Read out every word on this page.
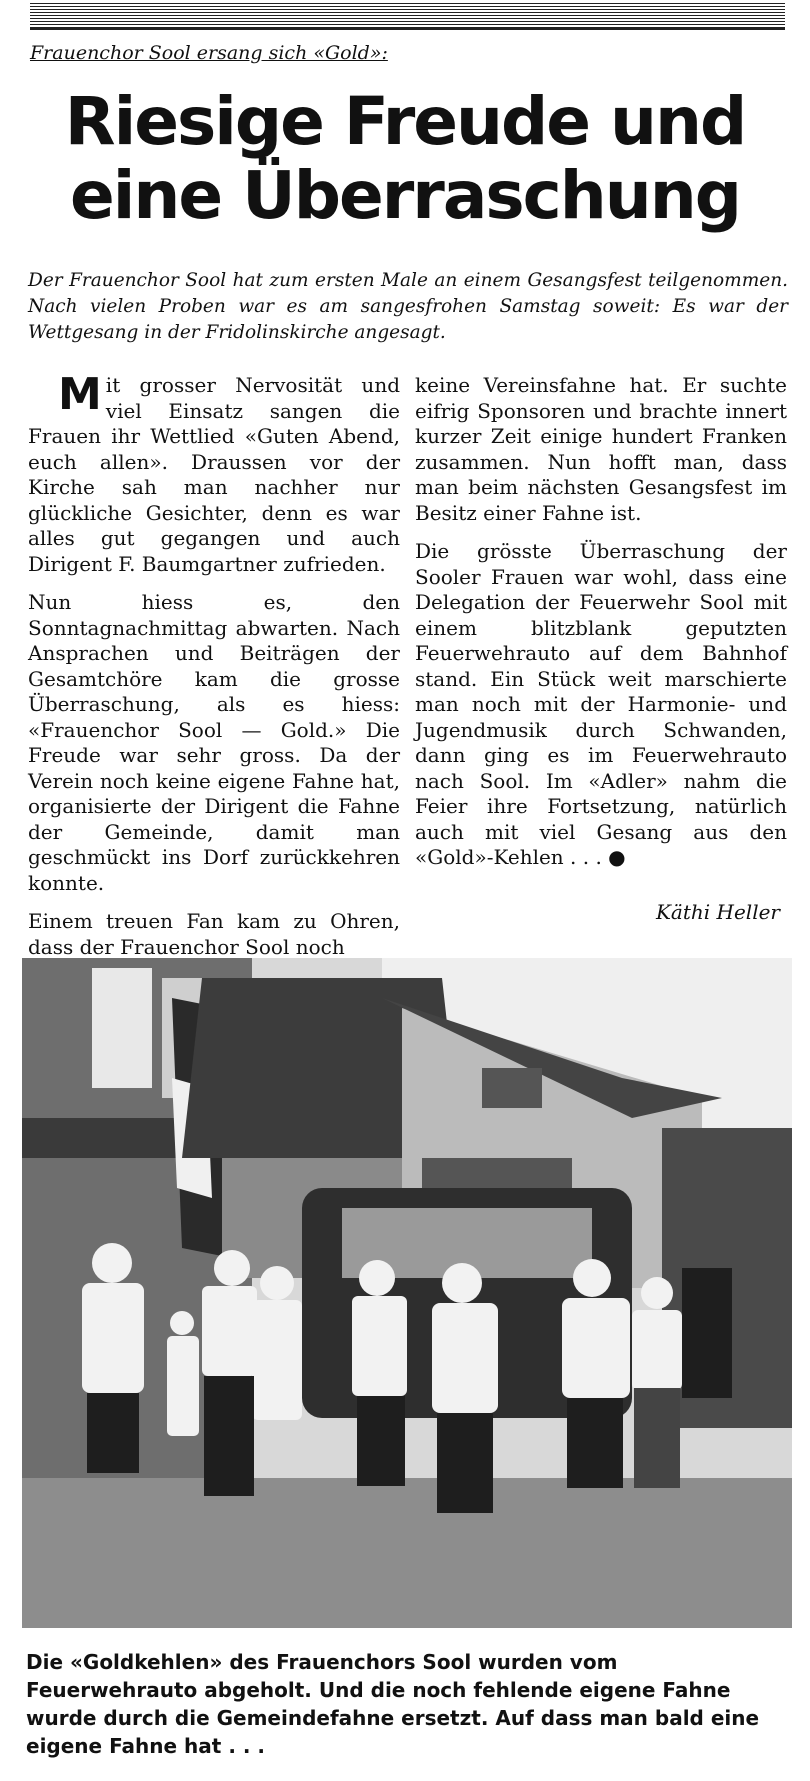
Frauenchor Sool ersang sich «Gold»:
Riesige Freude und
eine Überraschung
Der Frauenchor Sool hat zum ersten Male an einem Gesangsfest teilgenommen. Nach vielen Proben war es am sangesfrohen Samstag soweit: Es war der Wettgesang in der Fridolinskirche angesagt.

Mit grosser Nervosität und viel Einsatz sangen die Frauen ihr Wettlied «Guten Abend, euch allen». Draussen vor der Kirche sah man nachher nur glückliche Gesichter, denn es war alles gut gegangen und auch Dirigent F. Baumgartner zufrieden.

Nun hiess es, den Sonntagnachmittag abwarten. Nach Ansprachen und Beiträgen der Gesamtchöre kam die grosse Überraschung, als es hiess: «Frauenchor Sool — Gold.» Die Freude war sehr gross. Da der Verein noch keine eigene Fahne hat, organisierte der Dirigent die Fahne der Gemeinde, damit man geschmückt ins Dorf zurückkehren konnte.

Einem treuen Fan kam zu Ohren, dass der Frauenchor Sool noch

keine Vereinsfahne hat. Er suchte eifrig Sponsoren und brachte innert kurzer Zeit einige hundert Franken zusammen. Nun hofft man, dass man beim nächsten Gesangsfest im Besitz einer Fahne ist.

Die grösste Überraschung der Sooler Frauen war wohl, dass eine Delegation der Feuerwehr Sool mit einem blitzblank geputzten Feuerwehrauto auf dem Bahnhof stand. Ein Stück weit marschierte man noch mit der Harmonie- und Jugendmusik durch Schwanden, dann ging es im Feuerwehrauto nach Sool. Im «Adler» nahm die Feier ihre Fortsetzung, natürlich auch mit viel Gesang aus den «Gold»-Kehlen . . . ●

Käthi Heller
Die «Goldkehlen» des Frauenchors Sool wurden vom Feuerwehrauto abgeholt. Und die noch fehlende eigene Fahne wurde durch die Gemeindefahne ersetzt. Auf dass man bald eine eigene Fahne hat . . .
